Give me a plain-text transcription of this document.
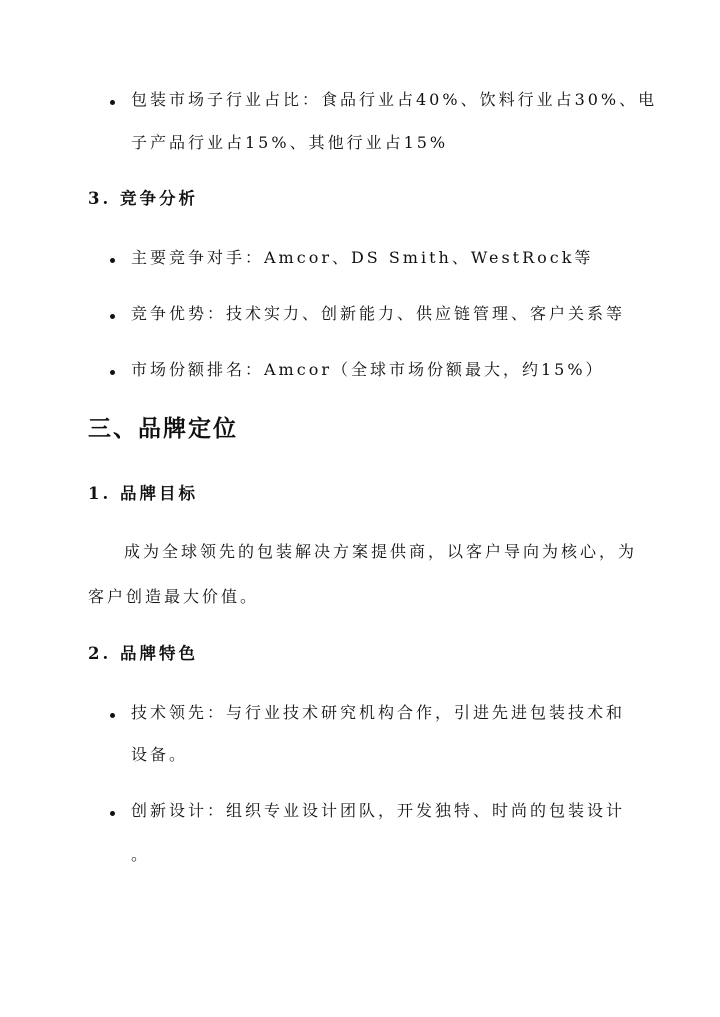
包装市场子行业占比：食品行业占40%、饮料行业占30%、电
子产品行业占15%、其他行业占15%
3. 竞争分析
主要竞争对手：Amcor、DS Smith、WestRock等
竞争优势：技术实力、创新能力、供应链管理、客户关系等
市场份额排名：Amcor（全球市场份额最大，约15%）
三、品牌定位
1. 品牌目标
成为全球领先的包装解决方案提供商，以客户导向为核心，为
客户创造最大价值。
2. 品牌特色
技术领先：与行业技术研究机构合作，引进先进包装技术和
设备。
创新设计：组织专业设计团队，开发独特、时尚的包装设计
。
